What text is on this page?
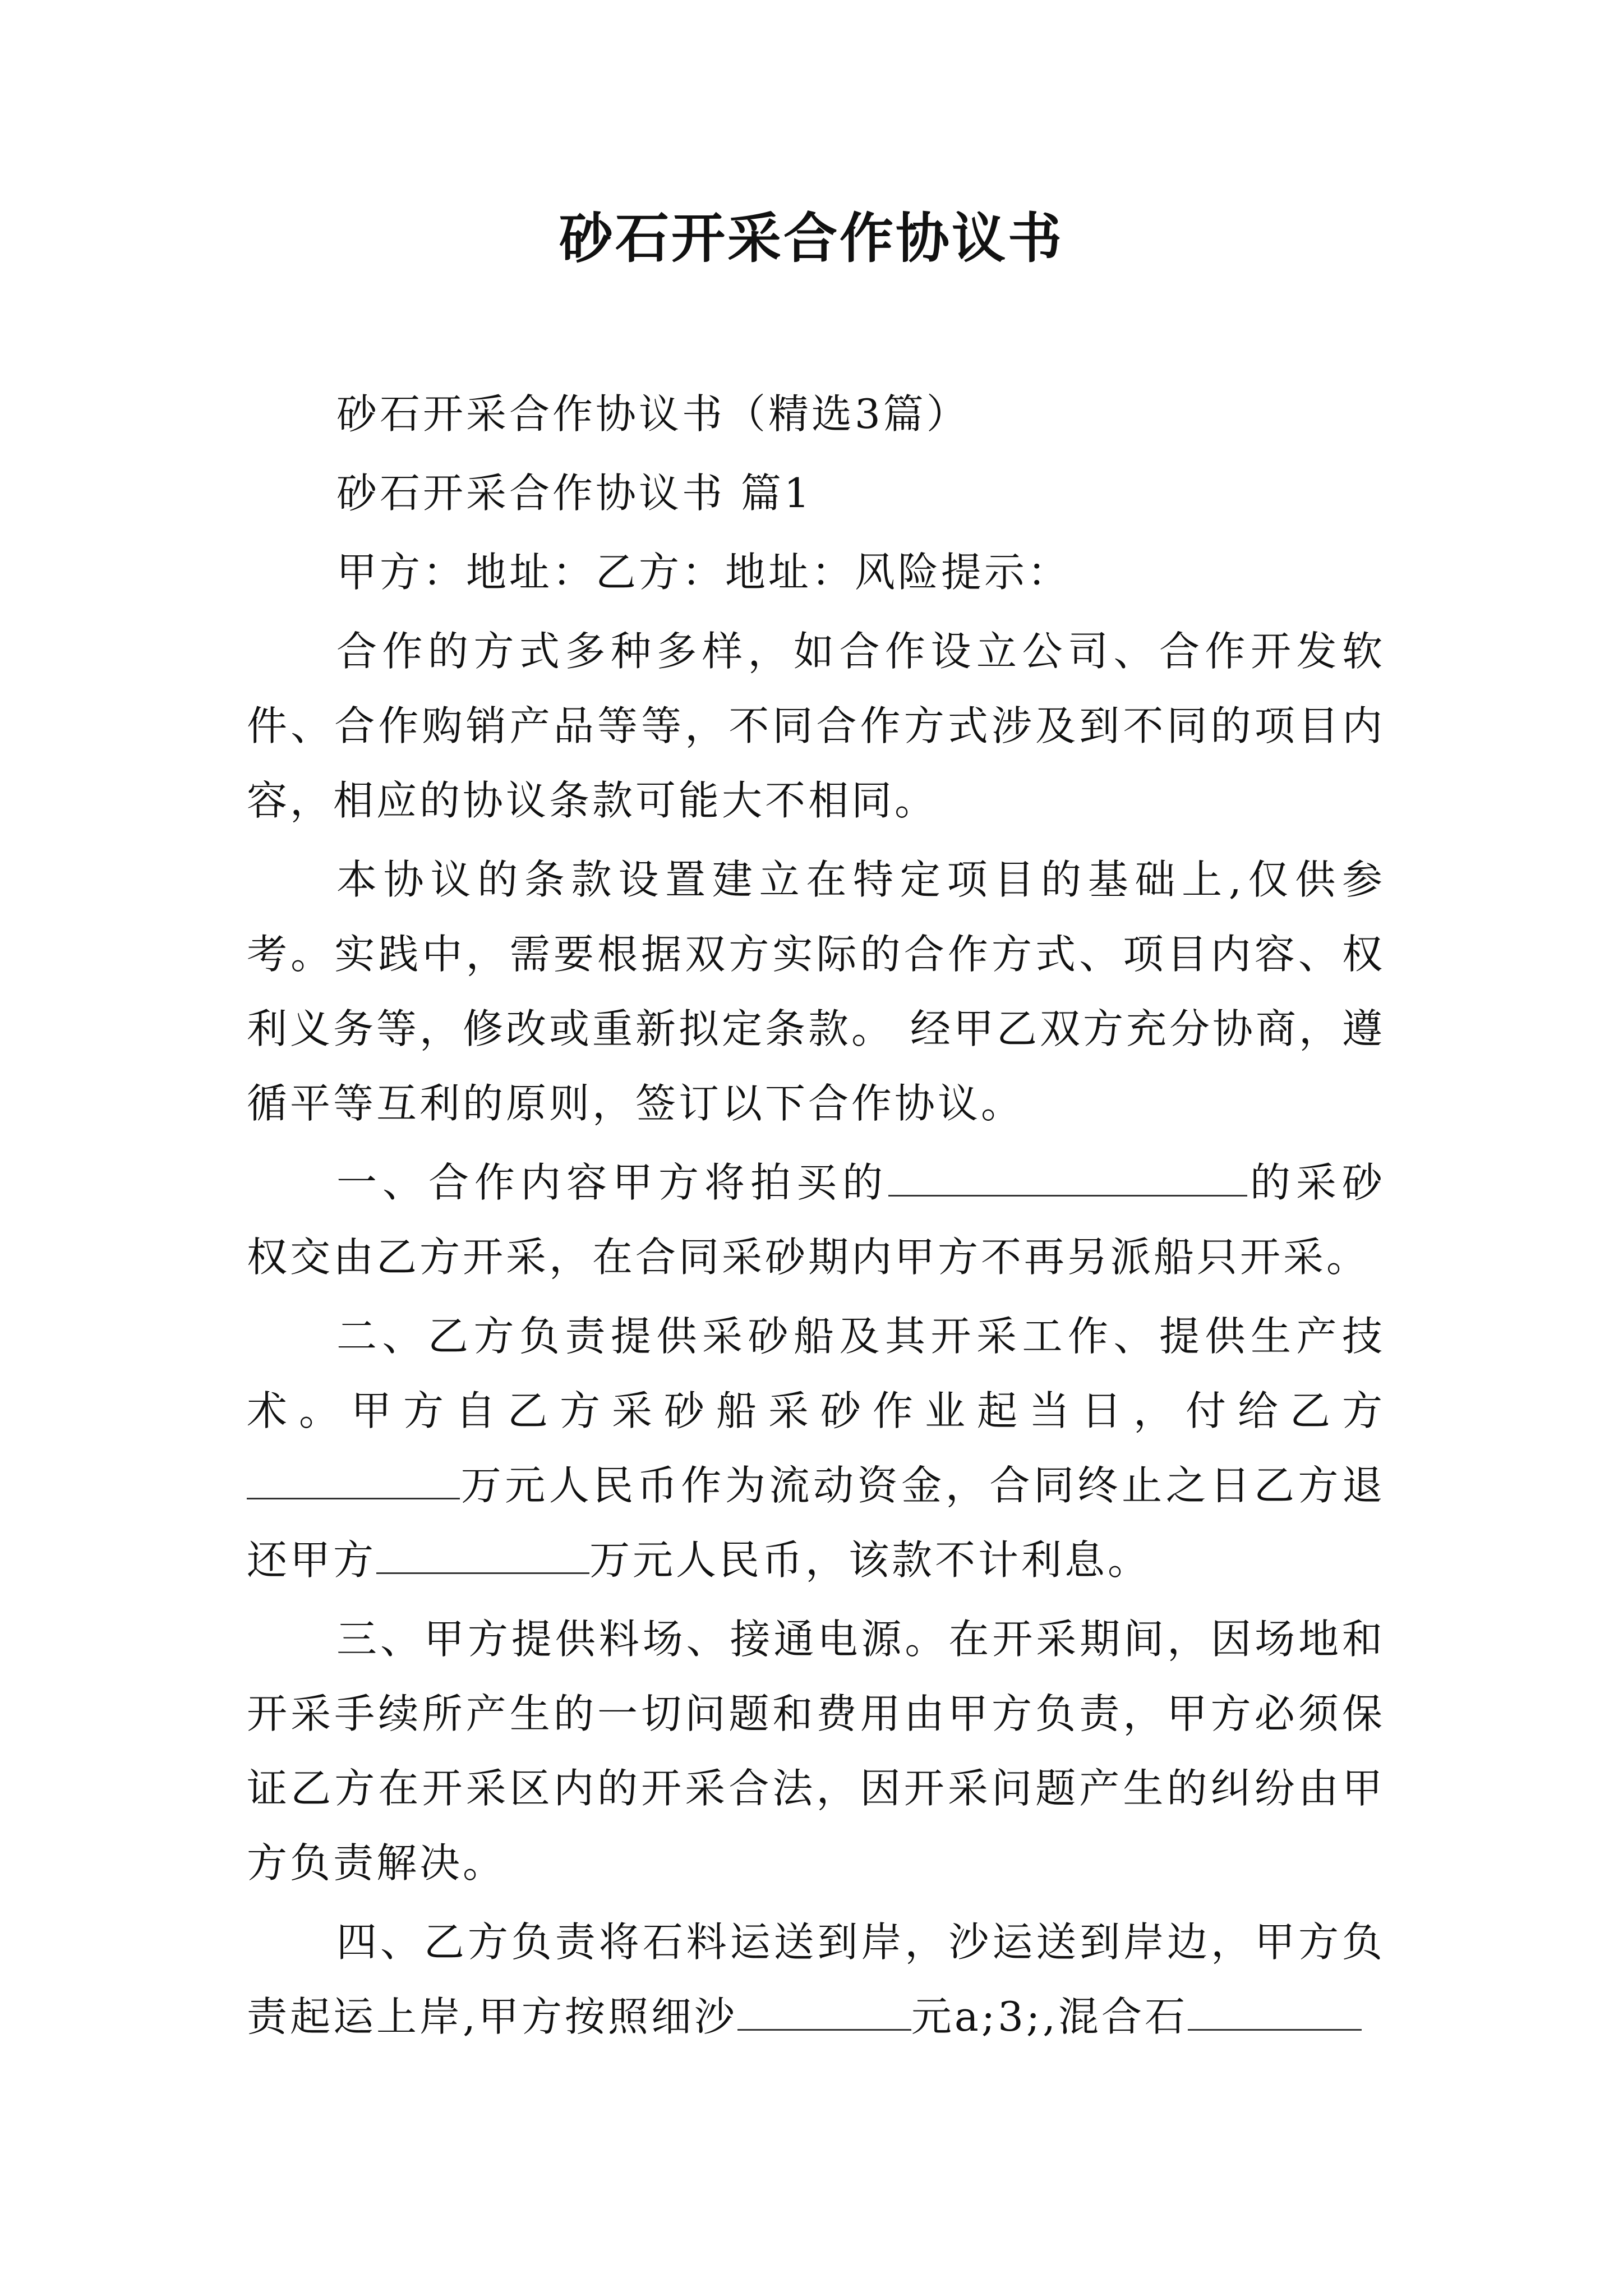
砂石开采合作协议书

砂石开采合作协议书（精选3篇）

砂石开采合作协议书 篇1

甲方：地址：乙方：地址：风险提示：

合作的方式多种多样，如合作设立公司、合作开发软件、合作购销产品等等，不同合作方式涉及到不同的项目内容，相应的协议条款可能大不相同。

本协议的条款设置建立在特定项目的基础上,仅供参考。实践中，需要根据双方实际的合作方式、项目内容、权利义务等，修改或重新拟定条款。 经甲乙双方充分协商，遵循平等互利的原则，签订以下合作协议。

一、合作内容甲方将拍买的	的采砂权交由乙方开采，在合同采砂期内甲方不再另派船只开采。

二、乙方负责提供采砂船及其开采工作、提供生产技术。甲方自乙方采砂船采砂作业起当日，付给乙方万元人民币作为流动资金，合同终止之日乙方退还甲方	万元人民币，该款不计利息。

三、甲方提供料场、接通电源。在开采期间，因场地和开采手续所产生的一切问题和费用由甲方负责，甲方必须保证乙方在开采区内的开采合法，因开采问题产生的纠纷由甲方负责解决。

四、乙方负责将石料运送到岸，沙运送到岸边，甲方负责起运上岸,甲方按照细沙	元a;3;,混合石
